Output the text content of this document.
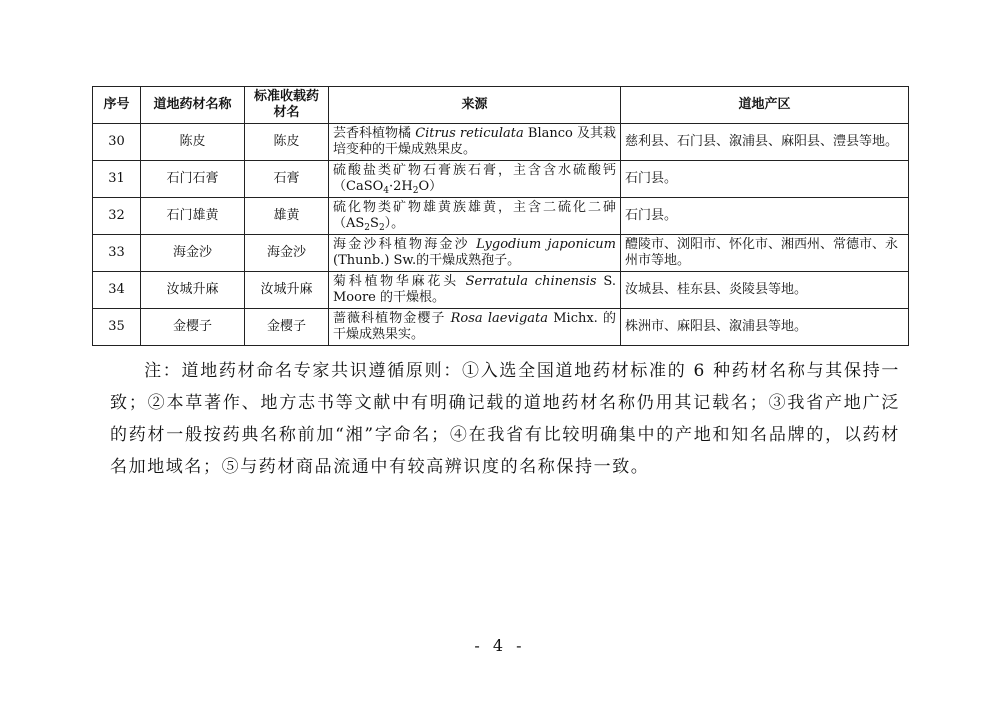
序号	道地药材名称	标准收载药材名	来源	道地产区
30	陈皮	陈皮	芸香科植物橘 Citrus reticulata Blanco 及其栽培变种的干燥成熟果皮。	慈利县、石门县、溆浦县、麻阳县、澧县等地。
31	石门石膏	石膏	硫酸盐类矿物石膏族石膏，主含含水硫酸钙$(CaSO_4\cdot 2H_2O)$	石门县。
32	石门雄黄	雄黄	硫化物类矿物雄黄族雄黄，主含二硫化二砷$(AS_2S_2)$。	石门县。
33	海金沙	海金沙	海金沙科植物海金沙 Lygodium japonicum (Thunb.) Sw.的干燥成熟孢子。	醴陵市、浏阳市、怀化市、湘西州、常德市、永州市等地。
34	汝城升麻	汝城升麻	菊科植物华麻花头 Serratula chinensis S. Moore 的干燥根。	汝城县、桂东县、炎陵县等地。
35	金樱子	金樱子	蔷薇科植物金樱子 Rosa laevigata Michx. 的干燥成熟果实。	株洲市、麻阳县、溆浦县等地。
注：道地药材命名专家共识遵循原则：①入选全国道地药材标准的 6 种药材名称与其保持一致；②本草著作、地方志书等文献中有明确记载的道地药材名称仍用其记载名；③我省产地广泛的药材一般按药典名称前加“湘”字命名；④在我省有比较明确集中的产地和知名品牌的，以药材名加地域名；⑤与药材商品流通中有较高辨识度的名称保持一致。
- 4 -
